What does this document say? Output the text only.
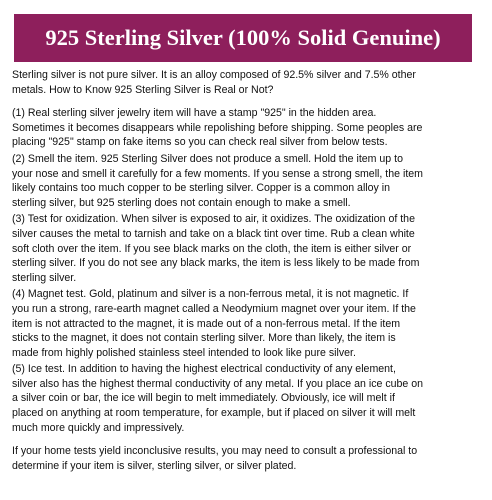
925 Sterling Silver (100% Solid Genuine)

Sterling silver is not pure silver. It is an alloy composed of 92.5% silver and 7.5% other
metals. How to Know 925 Sterling Silver is Real or Not?

(1) Real sterling silver jewelry item will have a stamp "925" in the hidden area.
Sometimes it becomes disappears while repolishing before shipping. Some peoples are
placing "925" stamp on fake items so you can check real silver from below tests.

(2) Smell the item. 925 Sterling Silver does not produce a smell. Hold the item up to
your nose and smell it carefully for a few moments. If you sense a strong smell, the item
likely contains too much copper to be sterling silver. Copper is a common alloy in
sterling silver, but 925 sterling does not contain enough to make a smell.

(3) Test for oxidization. When silver is exposed to air, it oxidizes. The oxidization of the
silver causes the metal to tarnish and take on a black tint over time. Rub a clean white
soft cloth over the item. If you see black marks on the cloth, the item is either silver or
sterling silver. If you do not see any black marks, the item is less likely to be made from
sterling silver.

(4) Magnet test. Gold, platinum and silver is a non-ferrous metal, it is not magnetic. If
you run a strong, rare-earth magnet called a Neodymium magnet over your item. If the
item is not attracted to the magnet, it is made out of a non-ferrous metal. If the item
sticks to the magnet, it does not contain sterling silver. More than likely, the item is
made from highly polished stainless steel intended to look like pure silver.

(5) Ice test. In addition to having the highest electrical conductivity of any element,
silver also has the highest thermal conductivity of any metal. If you place an ice cube on
a silver coin or bar, the ice will begin to melt immediately. Obviously, ice will melt if
placed on anything at room temperature, for example, but if placed on silver it will melt
much more quickly and impressively.

If your home tests yield inconclusive results, you may need to consult a professional to
determine if your item is silver, sterling silver, or silver plated.
